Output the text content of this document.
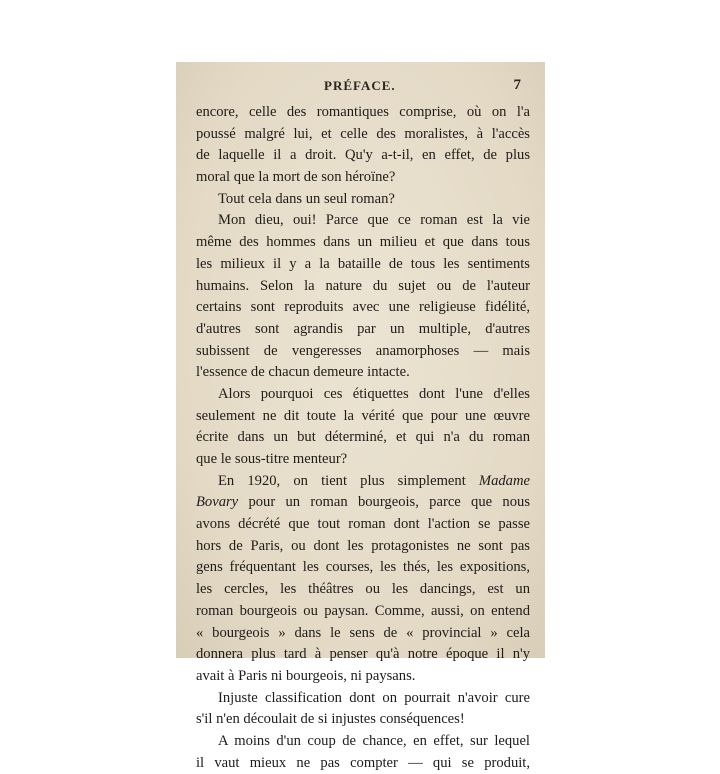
PRÉFACE.	7
encore, celle des romantiques comprise, où on l'a
poussé malgré lui, et celle des moralistes, à l'accès
de laquelle il a droit. Qu'y a-t-il, en effet, de plus
moral que la mort de son héroïne?
Tout cela dans un seul roman?
Mon dieu, oui! Parce que ce roman est la vie
même des hommes dans un milieu et que dans tous
les milieux il y a la bataille de tous les sentiments
humains. Selon la nature du sujet ou de l'auteur
certains sont reproduits avec une religieuse fidélité,
d'autres sont agrandis par un multiple, d'autres
subissent de vengeresses anamorphoses — mais
l'essence de chacun demeure intacte.
Alors pourquoi ces étiquettes dont l'une d'elles
seulement ne dit toute la vérité que pour une œuvre
écrite dans un but déterminé, et qui n'a du roman
que le sous-titre menteur?
En 1920, on tient plus simplement Madame
Bovary pour un roman bourgeois, parce que nous
avons décrété que tout roman dont l'action se passe
hors de Paris, ou dont les protagonistes ne sont pas
gens fréquentant les courses, les thés, les expositions,
les cercles, les théâtres ou les dancings, est un
roman bourgeois ou paysan. Comme, aussi, on entend
« bourgeois » dans le sens de « provincial » cela
donnera plus tard à penser qu'à notre époque il n'y
avait à Paris ni bourgeois, ni paysans.
Injuste classification dont on pourrait n'avoir cure
s'il n'en découlait de si injustes conséquences!
A moins d'un coup de chance, en effet, sur lequel
il vaut mieux ne pas compter — qui se produit,
